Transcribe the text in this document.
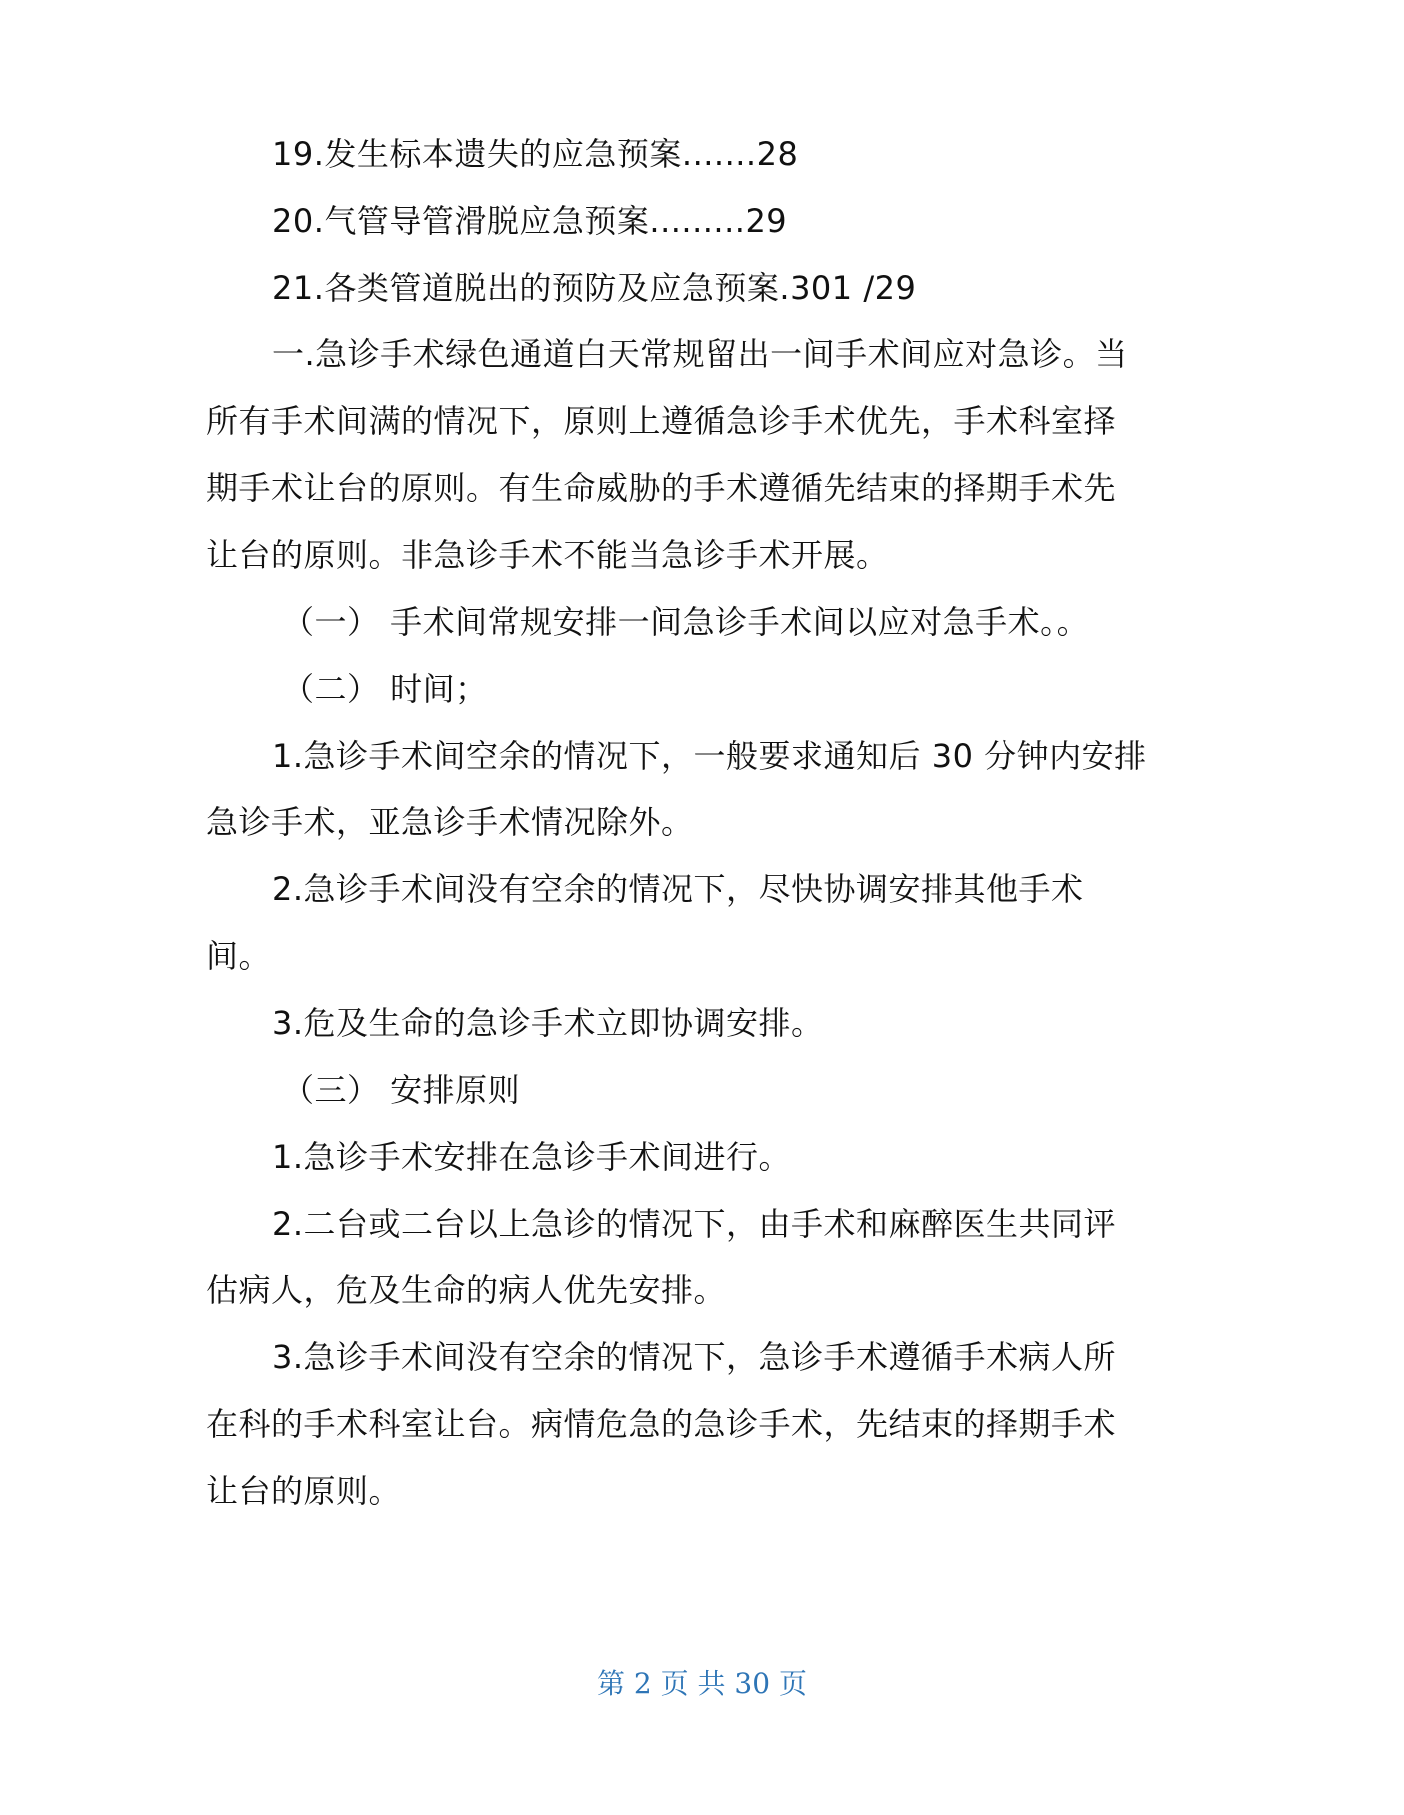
19.发生标本遗失的应急预案.......28
20.气管导管滑脱应急预案.........29
21.各类管道脱出的预防及应急预案.301 /29
一.急诊手术绿色通道白天常规留出一间手术间应对急诊。当
所有手术间满的情况下，原则上遵循急诊手术优先，手术科室择
期手术让台的原则。有生命威胁的手术遵循先结束的择期手术先
让台的原则。非急诊手术不能当急诊手术开展。
（一） 手术间常规安排一间急诊手术间以应对急手术。。
（二） 时间；
1.急诊手术间空余的情况下，一般要求通知后 30 分钟内安排
急诊手术，亚急诊手术情况除外。
2.急诊手术间没有空余的情况下，尽快协调安排其他手术
间。
3.危及生命的急诊手术立即协调安排。
（三） 安排原则
1.急诊手术安排在急诊手术间进行。
2.二台或二台以上急诊的情况下，由手术和麻醉医生共同评
估病人，危及生命的病人优先安排。
3.急诊手术间没有空余的情况下，急诊手术遵循手术病人所
在科的手术科室让台。病情危急的急诊手术，先结束的择期手术
让台的原则。
第 2 页 共 30 页
